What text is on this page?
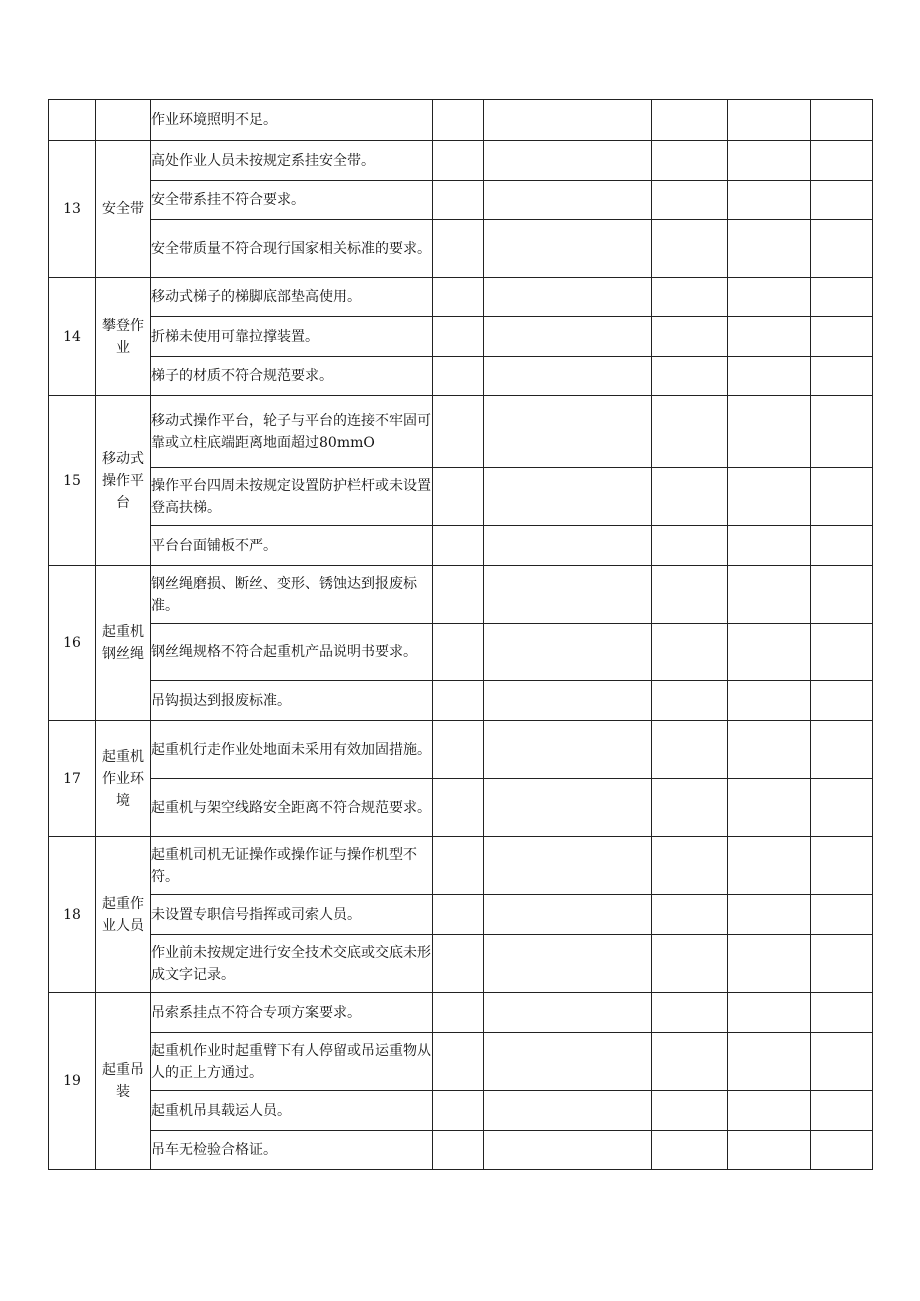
		作业环境照明不足。					
13	安全带	高处作业人员未按规定系挂安全带。					
		安全带系挂不符合要求。					
		安全带质量不符合现行国家相关标准的要求。					
14	攀登作业	移动式梯子的梯脚底部垫高使用。					
		折梯未使用可靠拉撑装置。					
		梯子的材质不符合规范要求。					
15	移动式操作平台	移动式操作平台，轮子与平台的连接不牢固可靠或立柱底端距离地面超过80mmO					
		操作平台四周未按规定设置防护栏杆或未设置登高扶梯。					
		平台台面铺板不严。					
16	起重机钢丝绳	钢丝绳磨损、断丝、变形、锈蚀达到报废标准。					
		钢丝绳规格不符合起重机产品说明书要求。					
		吊钩损达到报废标准。					
17	起重机作业环境	起重机行走作业处地面未采用有效加固措施。					
		起重机与架空线路安全距离不符合规范要求。					
18	起重作业人员	起重机司机无证操作或操作证与操作机型不符。					
		未设置专职信号指挥或司索人员。					
		作业前未按规定进行安全技术交底或交底未形成文字记录。					
19	起重吊装	吊索系挂点不符合专项方案要求。					
		起重机作业时起重臂下有人停留或吊运重物从人的正上方通过。					
		起重机吊具载运人员。					
		吊车无检验合格证。					
